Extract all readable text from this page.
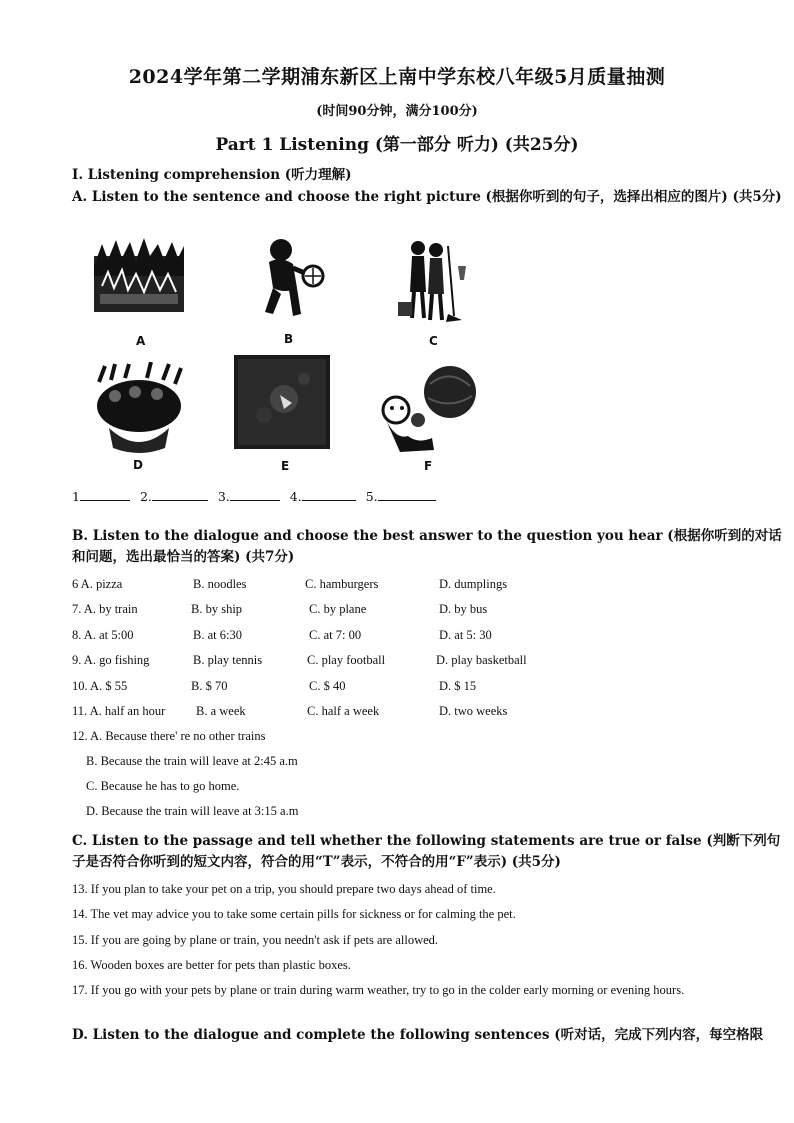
2024学年第二学期浦东新区上南中学东校八年级5月质量抽测
(时间90分钟，满分100分)
Part 1 Listening (第一部分 听力) (共25分)
I. Listening comprehension (听力理解)
A. Listen to the sentence and choose the right picture (根据你听到的句子，选择出相应的图片) (共5分)
A	B	C
D	E	F
1	2.	3.	4.	5.
B. Listen to the dialogue and choose the best answer to the question you hear (根据你听到的对话和问题，选出最恰当的答案) (共7分)
6 A. pizza	B. noodles	C. hamburgers	D. dumplings
7. A. by train	B. by ship	C. by plane	D. by bus
8. A. at 5:00	B. at 6:30	C. at 7: 00	D. at 5: 30
9. A. go fishing	B. play tennis	C. play football	D. play basketball
10. A. $ 55	B. $ 70	C. $ 40	D. $ 15
11. A. half an hour B. a week	C. half a week	D. two weeks
12. A. Because there' re no other trains
B. Because the train will leave at 2:45 a.m
C. Because he has to go home.
D. Because the train will leave at 3:15 a.m
C. Listen to the passage and tell whether the following statements are true or false (判断下列句子是否符合你听到的短文内容，符合的用“T”表示，不符合的用“F”表示) (共5分)
13. If you plan to take your pet on a trip, you should prepare two days ahead of time.
14. The vet may advice you to take some certain pills for sickness or for calming the pet.
15. If you are going by plane or train, you needn't ask if pets are allowed.
16. Wooden boxes are better for pets than plastic boxes.
17. If you go with your pets by plane or train during warm weather, try to go in the colder early morning or evening hours.
D. Listen to the dialogue and complete the following sentences (听对话，完成下列内容，每空格限
